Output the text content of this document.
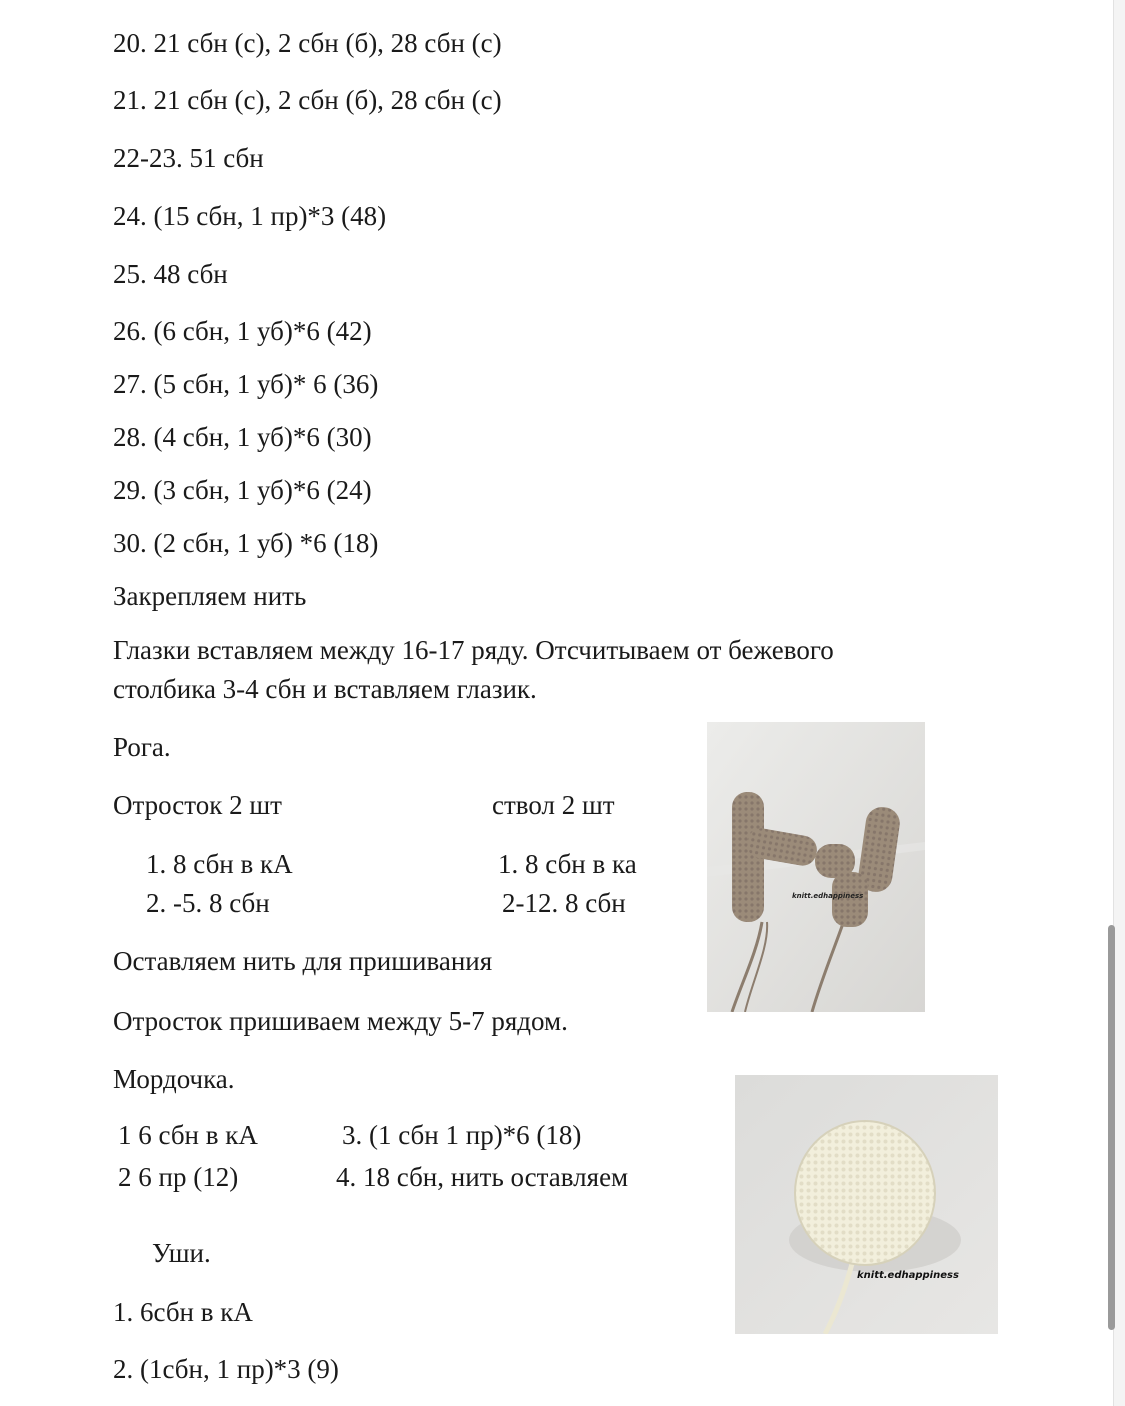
20. 21 сбн (с), 2 сбн (б), 28 сбн (с)

21. 21 сбн (с), 2 сбн (б), 28 сбн (с)

22-23. 51 сбн

24. (15 сбн, 1 пр)*3 (48)

25. 48 сбн

26. (6 сбн, 1 уб)*6 (42)

27. (5 сбн, 1 уб)* 6 (36)

28. (4 сбн, 1 уб)*6 (30)

29. (3 сбн, 1 уб)*6 (24)

30. (2 сбн, 1 уб) *6 (18)

Закрепляем нить

Глазки вставляем между 16-17 ряду. Отсчитываем от бежевого

столбика 3-4 сбн и вставляем глазик.

Рога.

Отросток 2 шт	ствол 2 шт

1. 8 сбн в кА

2. -5. 8 сбн

1. 8 сбн в ка

2-12. 8 сбн

Оставляем нить для пришивания

Отросток пришиваем между 5-7 рядом.

knitt.edhappiness

Мордочка.

1 6 сбн в кА

2 6 пр (12)

3. (1 сбн 1 пр)*6 (18)

4. 18 сбн, нить оставляем

knitt.edhappiness

Уши.

1. 6сбн в кА

2. (1сбн, 1 пр)*3 (9)
